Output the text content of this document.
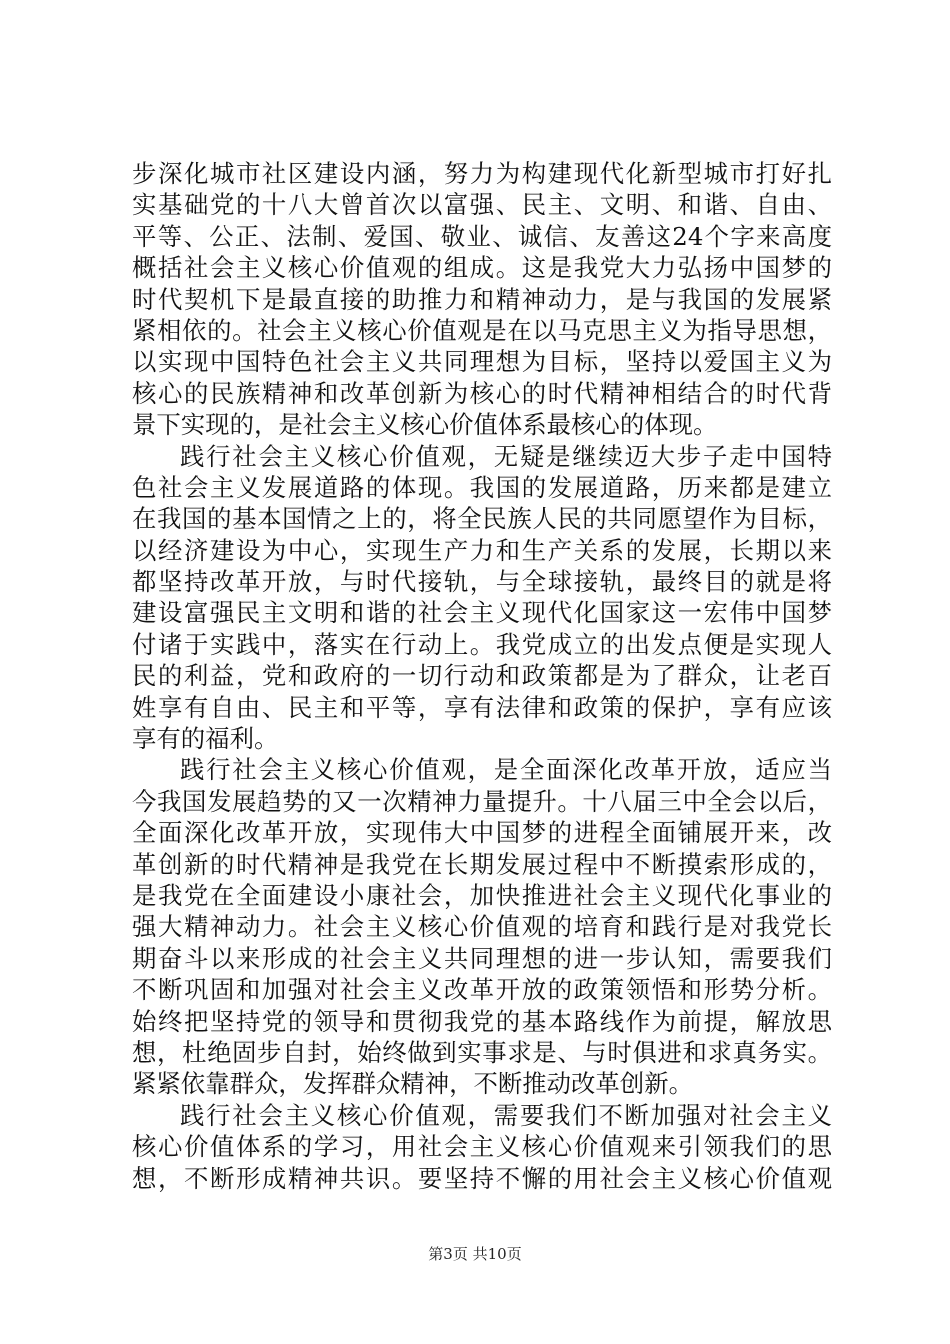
步深化城市社区建设内涵，努力为构建现代化新型城市打好扎
实基础党的十八大曾首次以富强、民主、文明、和谐、自由、
平等、公正、法制、爱国、敬业、诚信、友善这24个字来高度
概括社会主义核心价值观的组成。这是我党大力弘扬中国梦的
时代契机下是最直接的助推力和精神动力，是与我国的发展紧
紧相依的。社会主义核心价值观是在以马克思主义为指导思想，
以实现中国特色社会主义共同理想为目标，坚持以爱国主义为
核心的民族精神和改革创新为核心的时代精神相结合的时代背
景下实现的，是社会主义核心价值体系最核心的体现。
践行社会主义核心价值观，无疑是继续迈大步子走中国特
色社会主义发展道路的体现。我国的发展道路，历来都是建立
在我国的基本国情之上的，将全民族人民的共同愿望作为目标，
以经济建设为中心，实现生产力和生产关系的发展，长期以来
都坚持改革开放，与时代接轨，与全球接轨，最终目的就是将
建设富强民主文明和谐的社会主义现代化国家这一宏伟中国梦
付诸于实践中，落实在行动上。我党成立的出发点便是实现人
民的利益，党和政府的一切行动和政策都是为了群众，让老百
姓享有自由、民主和平等，享有法律和政策的保护，享有应该
享有的福利。
践行社会主义核心价值观，是全面深化改革开放，适应当
今我国发展趋势的又一次精神力量提升。十八届三中全会以后，
全面深化改革开放，实现伟大中国梦的进程全面铺展开来，改
革创新的时代精神是我党在长期发展过程中不断摸索形成的，
是我党在全面建设小康社会，加快推进社会主义现代化事业的
强大精神动力。社会主义核心价值观的培育和践行是对我党长
期奋斗以来形成的社会主义共同理想的进一步认知，需要我们
不断巩固和加强对社会主义改革开放的政策领悟和形势分析。
始终把坚持党的领导和贯彻我党的基本路线作为前提，解放思
想，杜绝固步自封，始终做到实事求是、与时俱进和求真务实。
紧紧依靠群众，发挥群众精神，不断推动改革创新。
践行社会主义核心价值观，需要我们不断加强对社会主义
核心价值体系的学习，用社会主义核心价值观来引领我们的思
想，不断形成精神共识。要坚持不懈的用社会主义核心价值观
第3页 共10页
